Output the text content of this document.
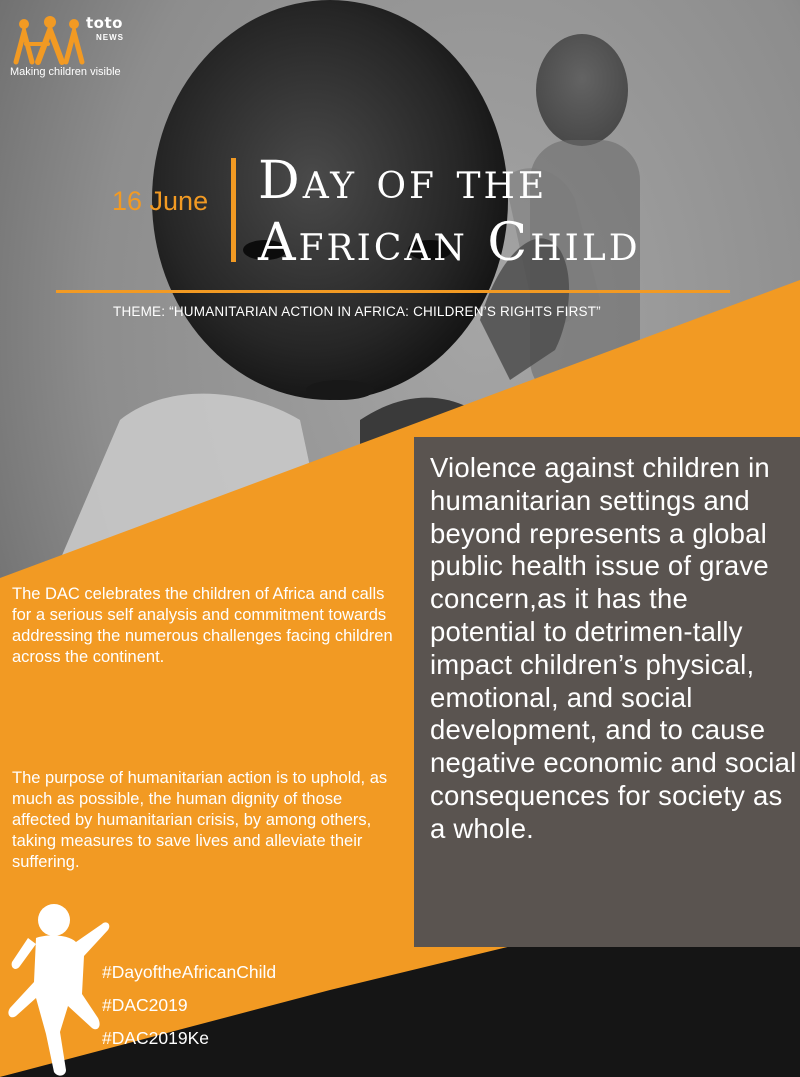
toto
NEWS
Making children visible
16 June Day of the
African Child
THEME: “HUMANITARIAN ACTION IN AFRICA: CHILDREN’S RIGHTS FIRST”
Violence against children in humanitarian settings and beyond represents a global public health issue of grave concern,as it has the potential to detrimen-tally impact children’s physical, emotional, and social development, and to cause negative economic and social consequences for society as a whole.
The DAC celebrates the children of Africa and calls for a serious self analysis and commitment towards addressing the numerous challenges facing children across the continent.
The purpose of humanitarian action is to uphold, as much as possible, the human dignity of those affected by humanitarian crisis, by among others, taking measures to save lives and alleviate their suffering.
#DayoftheAfricanChild
#DAC2019
#DAC2019Ke
